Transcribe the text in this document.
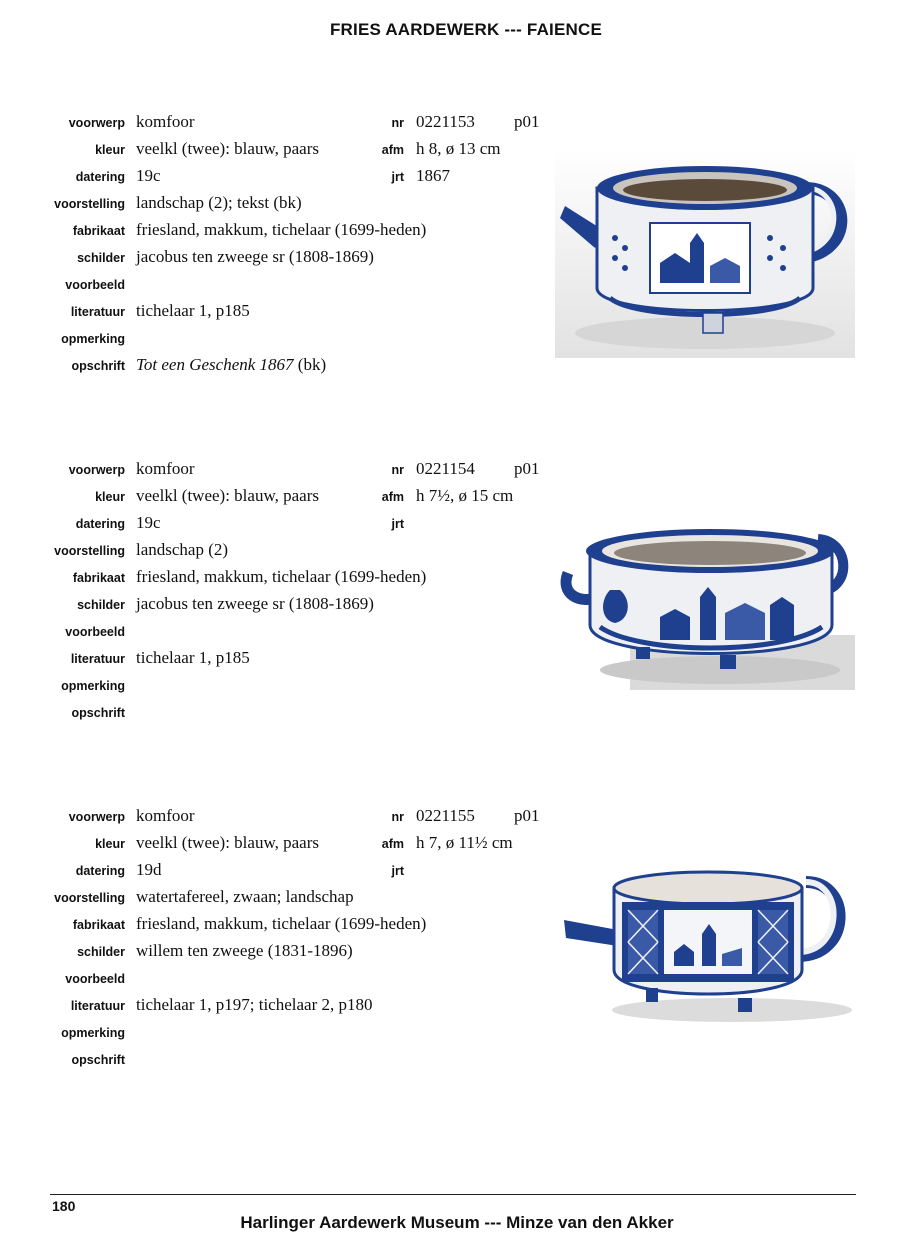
FRIES AARDEWERK --- FAIENCE
voorwerp komfoor	nr 0221153 p01
kleur veelkl (twee): blauw, paars	afm h 8, ø 13 cm
datering 19c	jrt 1867
voorstelling landschap (2); tekst (bk)
fabrikaat friesland, makkum, tichelaar (1699-heden)
schilder jacobus ten zweege sr (1808-1869)
voorbeeld
literatuur tichelaar 1, p185
opmerking
opschrift Tot een Geschenk 1867 (bk)
voorwerp komfoor	nr 0221154 p01
kleur veelkl (twee): blauw, paars	afm h 7½, ø 15 cm
datering 19c	jrt
voorstelling landschap (2)
fabrikaat friesland, makkum, tichelaar (1699-heden)
schilder jacobus ten zweege sr (1808-1869)
voorbeeld
literatuur tichelaar 1, p185
opmerking
opschrift
voorwerp komfoor	nr 0221155 p01
kleur veelkl (twee): blauw, paars	afm h 7, ø 11½ cm
datering 19d	jrt
voorstelling watertafereel, zwaan; landschap
fabrikaat friesland, makkum, tichelaar (1699-heden)
schilder willem ten zweege (1831-1896)
voorbeeld
literatuur tichelaar 1, p197; tichelaar 2, p180
opmerking
opschrift
180
Harlinger Aardewerk Museum --- Minze van den Akker
